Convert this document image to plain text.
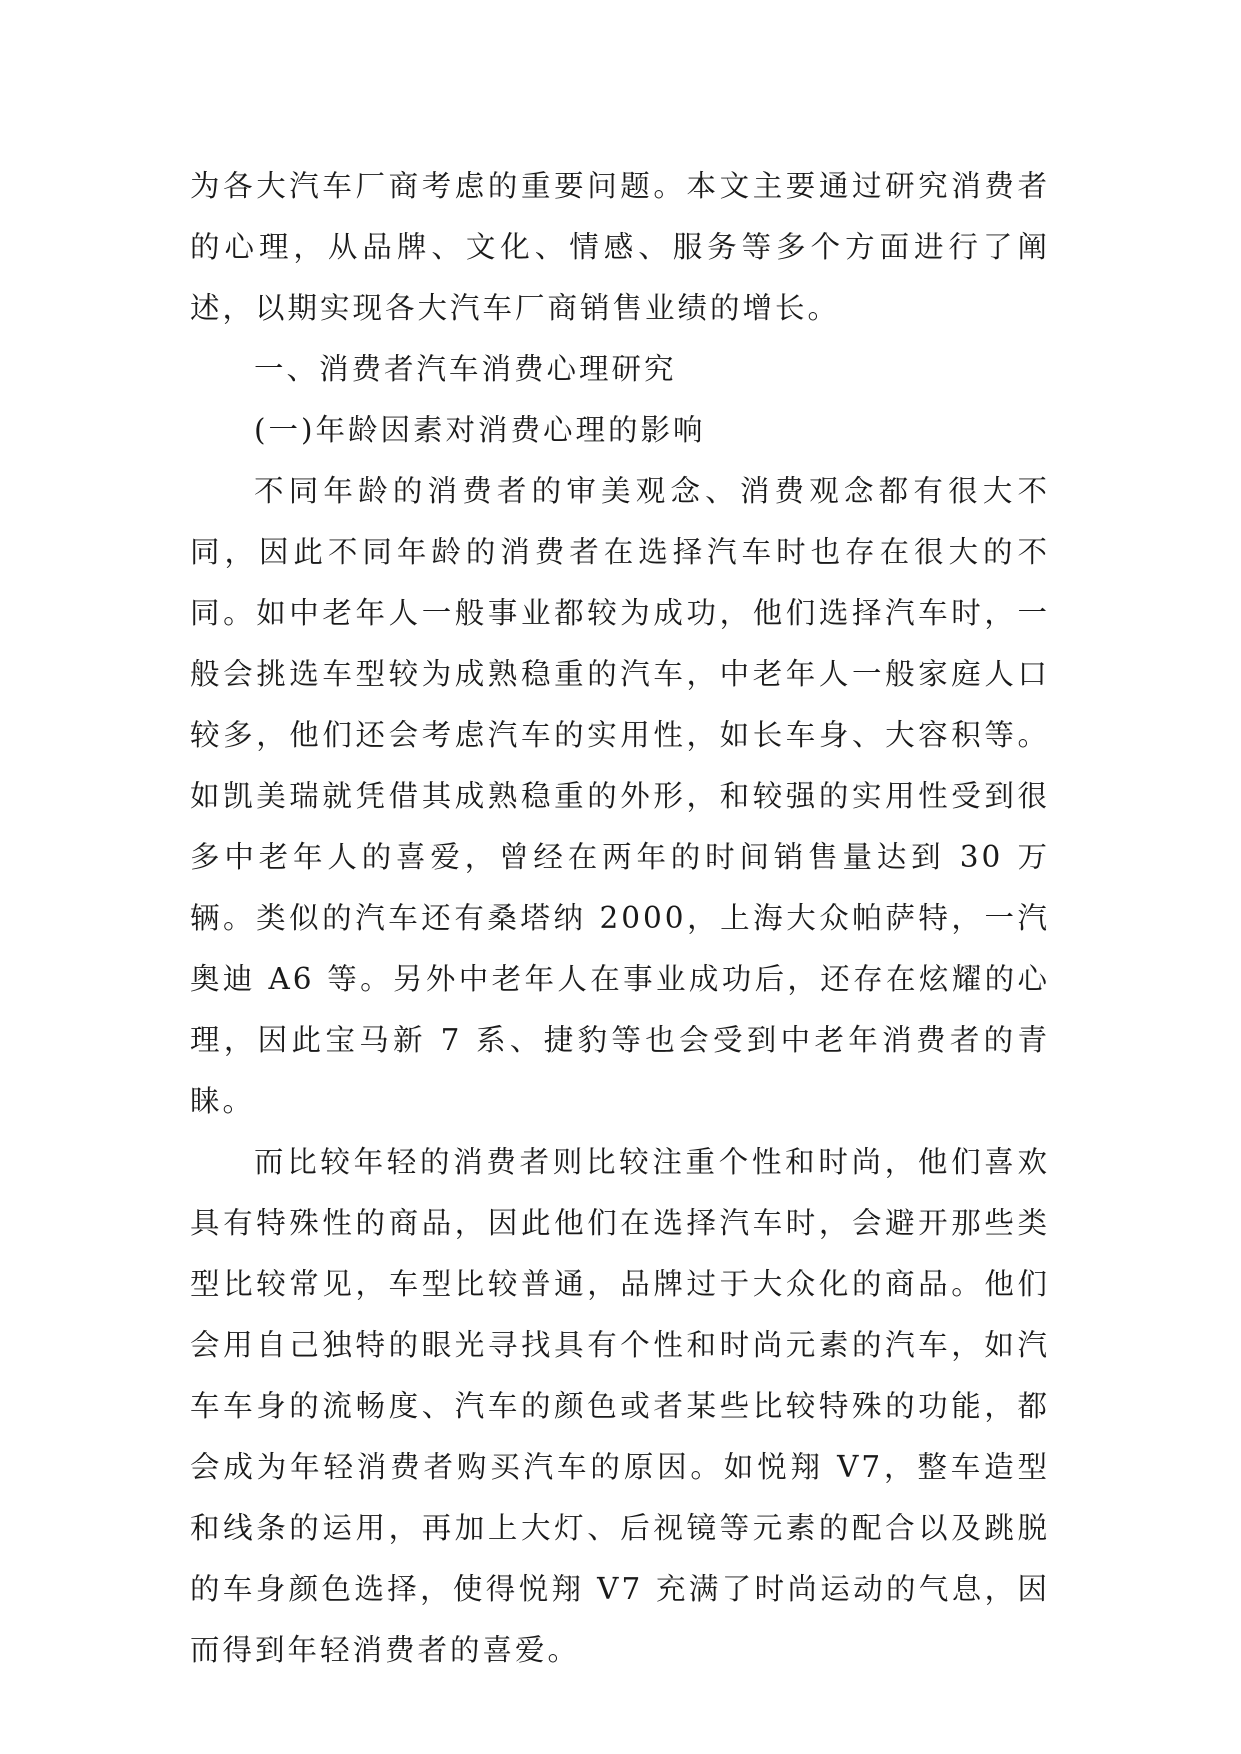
为各大汽车厂商考虑的重要问题。本文主要通过研究消费者的心理，从品牌、文化、情感、服务等多个方面进行了阐述，以期实现各大汽车厂商销售业绩的增长。

一、消费者汽车消费心理研究

(一)年龄因素对消费心理的影响

不同年龄的消费者的审美观念、消费观念都有很大不同，因此不同年龄的消费者在选择汽车时也存在很大的不同。如中老年人一般事业都较为成功，他们选择汽车时，一般会挑选车型较为成熟稳重的汽车，中老年人一般家庭人口较多，他们还会考虑汽车的实用性，如长车身、大容积等。如凯美瑞就凭借其成熟稳重的外形，和较强的实用性受到很多中老年人的喜爱，曾经在两年的时间销售量达到 30 万辆。类似的汽车还有桑塔纳 2000，上海大众帕萨特，一汽奥迪 A6 等。另外中老年人在事业成功后，还存在炫耀的心理，因此宝马新 7 系、捷豹等也会受到中老年消费者的青睐。

而比较年轻的消费者则比较注重个性和时尚，他们喜欢具有特殊性的商品，因此他们在选择汽车时，会避开那些类型比较常见，车型比较普通，品牌过于大众化的商品。他们会用自己独特的眼光寻找具有个性和时尚元素的汽车，如汽车车身的流畅度、汽车的颜色或者某些比较特殊的功能，都会成为年轻消费者购买汽车的原因。如悦翔 V7，整车造型和线条的运用，再加上大灯、后视镜等元素的配合以及跳脱的车身颜色选择，使得悦翔 V7 充满了时尚运动的气息，因而得到年轻消费者的喜爱。
